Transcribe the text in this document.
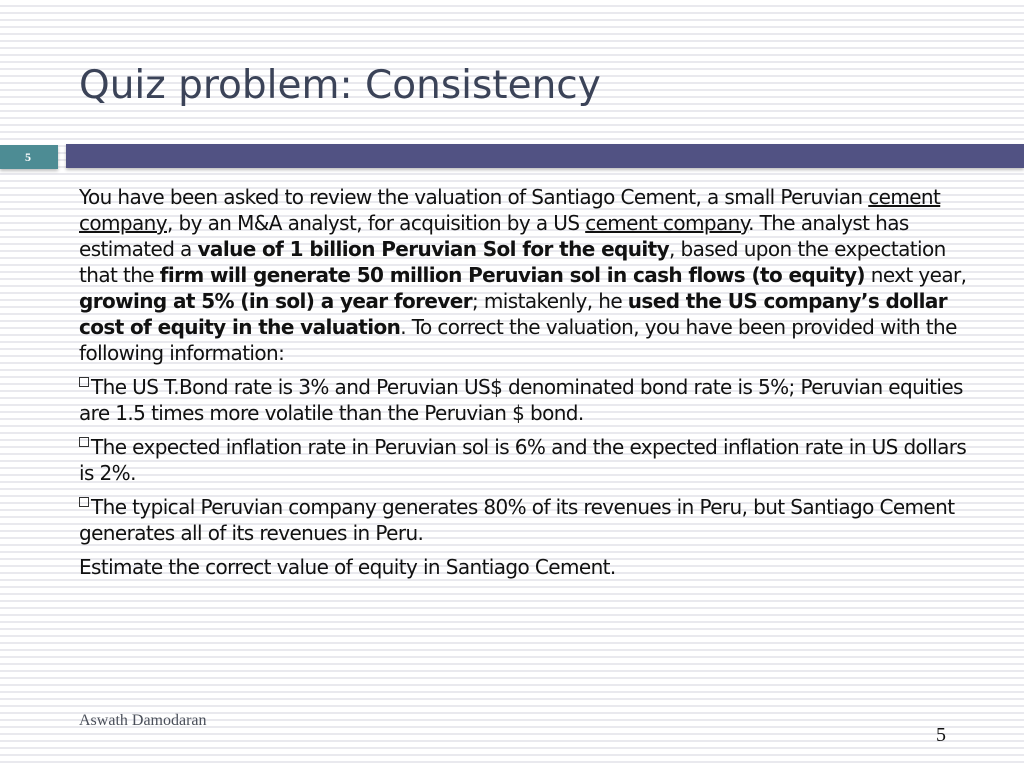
Quiz problem: Consistency
5

You have been asked to review the valuation of Santiago Cement, a small Peruvian cement company, by an M&A analyst, for acquisition by a US cement company. The analyst has estimated a value of 1 billion Peruvian Sol for the equity, based upon the expectation that the firm will generate 50 million Peruvian sol in cash flows (to equity) next year, growing at 5% (in sol) a year forever; mistakenly, he used the US company’s dollar cost of equity in the valuation. To correct the valuation, you have been provided with the following information:

The US T.Bond rate is 3% and Peruvian US$ denominated bond rate is 5%; Peruvian equities are 1.5 times more volatile than the Peruvian $ bond.

The expected inflation rate in Peruvian sol is 6% and the expected inflation rate in US dollars is 2%.

The typical Peruvian company generates 80% of its revenues in Peru, but Santiago Cement generates all of its revenues in Peru.

Estimate the correct value of equity in Santiago Cement.

Aswath Damodaran
5
